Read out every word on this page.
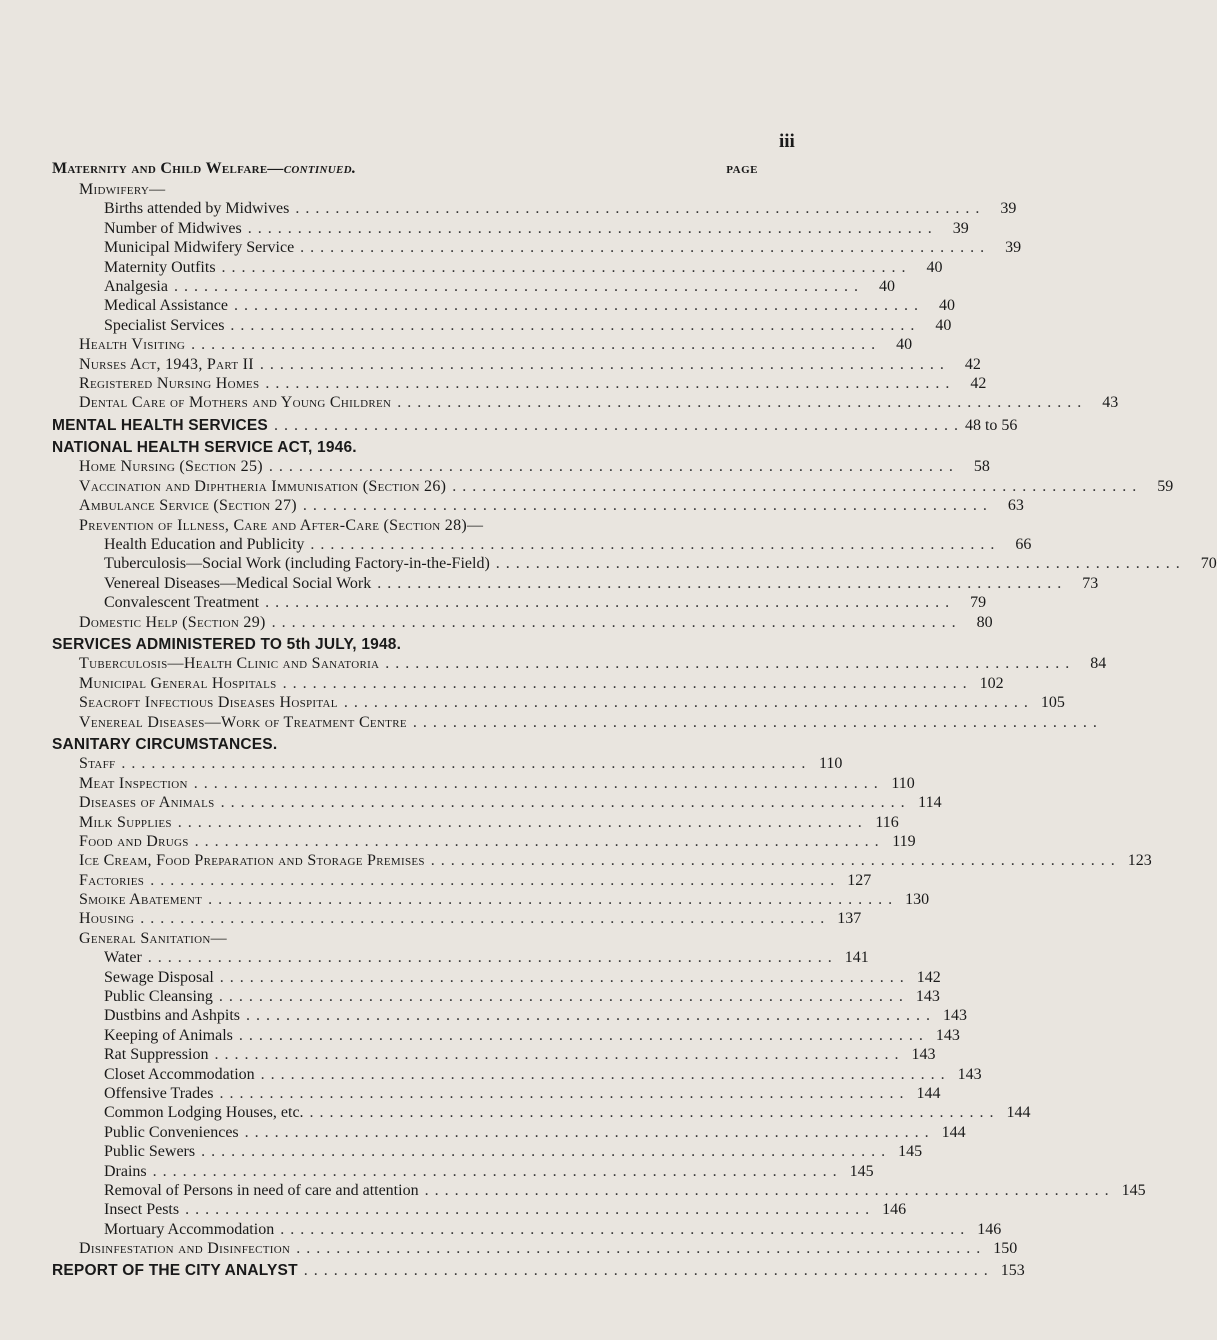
iii
Maternity and Child Welfare—continued.	page
Midwifery—
Births attended by Midwives . . . . . . . . . . . . . . . . . . . . . . . . . . . . . . . . . . . . . . . . . . . . . . . . . . . . . . . . . . . . . . . . . . . . .	39
Number of Midwives . . . . . . . . . . . . . . . . . . . . . . . . . . . . . . . . . . . . . . . . . . . . . . . . . . . . . . . . . . . . . . . . . . . . .	39
Municipal Midwifery Service . . . . . . . . . . . . . . . . . . . . . . . . . . . . . . . . . . . . . . . . . . . . . . . . . . . . . . . . . . . . . . . . . . . . .	39
Maternity Outfits . . . . . . . . . . . . . . . . . . . . . . . . . . . . . . . . . . . . . . . . . . . . . . . . . . . . . . . . . . . . . . . . . . . . .	40
Analgesia . . . . . . . . . . . . . . . . . . . . . . . . . . . . . . . . . . . . . . . . . . . . . . . . . . . . . . . . . . . . . . . . . . . . .	40
Medical Assistance . . . . . . . . . . . . . . . . . . . . . . . . . . . . . . . . . . . . . . . . . . . . . . . . . . . . . . . . . . . . . . . . . . . . .	40
Specialist Services . . . . . . . . . . . . . . . . . . . . . . . . . . . . . . . . . . . . . . . . . . . . . . . . . . . . . . . . . . . . . . . . . . . . .	40
Health Visiting . . . . . . . . . . . . . . . . . . . . . . . . . . . . . . . . . . . . . . . . . . . . . . . . . . . . . . . . . . . . . . . . . . . . .	40
Nurses Act, 1943, Part II . . . . . . . . . . . . . . . . . . . . . . . . . . . . . . . . . . . . . . . . . . . . . . . . . . . . . . . . . . . . . . . . . . . . .	42
Registered Nursing Homes . . . . . . . . . . . . . . . . . . . . . . . . . . . . . . . . . . . . . . . . . . . . . . . . . . . . . . . . . . . . . . . . . . . . .	42
Dental Care of Mothers and Young Children . . . . . . . . . . . . . . . . . . . . . . . . . . . . . . . . . . . . . . . . . . . . . . . . . . . . . . . . . . . . . . . . . . . . .	43
MENTAL HEALTH SERVICES . . . . . . . . . . . . . . . . . . . . . . . . . . . . . . . . . . . . . . . . . . . . . . . . . . . . . . . . . . . . . . . . . . . . . 48 to 56
NATIONAL HEALTH SERVICE ACT, 1946.
Home Nursing (Section 25) . . . . . . . . . . . . . . . . . . . . . . . . . . . . . . . . . . . . . . . . . . . . . . . . . . . . . . . . . . . . . . . . . . . . .	58
Vaccination and Diphtheria Immunisation (Section 26) . . . . . . . . . . . . . . . . . . . . . . . . . . . . . . . . . . . . . . . . . . . . . . . . . . . . . . . . . . . . . . . . . . . . .	59
Ambulance Service (Section 27) . . . . . . . . . . . . . . . . . . . . . . . . . . . . . . . . . . . . . . . . . . . . . . . . . . . . . . . . . . . . . . . . . . . . .	63
Prevention of Illness, Care and After-Care (Section 28)—
Health Education and Publicity . . . . . . . . . . . . . . . . . . . . . . . . . . . . . . . . . . . . . . . . . . . . . . . . . . . . . . . . . . . . . . . . . . . . .	66
Tuberculosis—Social Work (including Factory-in-the-Field) . . . . . . . . . . . . . . . . . . . . . . . . . . . . . . . . . . . . . . . . . . . . . . . . . . . . . . . . . . . . . . . . . . . . .	70
Venereal Diseases—Medical Social Work . . . . . . . . . . . . . . . . . . . . . . . . . . . . . . . . . . . . . . . . . . . . . . . . . . . . . . . . . . . . . . . . . . . . .	73
Convalescent Treatment . . . . . . . . . . . . . . . . . . . . . . . . . . . . . . . . . . . . . . . . . . . . . . . . . . . . . . . . . . . . . . . . . . . . .	79
Domestic Help (Section 29) . . . . . . . . . . . . . . . . . . . . . . . . . . . . . . . . . . . . . . . . . . . . . . . . . . . . . . . . . . . . . . . . . . . . .	80
SERVICES ADMINISTERED TO 5th JULY, 1948.
Tuberculosis—Health Clinic and Sanatoria . . . . . . . . . . . . . . . . . . . . . . . . . . . . . . . . . . . . . . . . . . . . . . . . . . . . . . . . . . . . . . . . . . . . .	84
Municipal General Hospitals . . . . . . . . . . . . . . . . . . . . . . . . . . . . . . . . . . . . . . . . . . . . . . . . . . . . . . . . . . . . . . . . . . . . . 102
Seacroft Infectious Diseases Hospital . . . . . . . . . . . . . . . . . . . . . . . . . . . . . . . . . . . . . . . . . . . . . . . . . . . . . . . . . . . . . . . . . . . . . 105
Venereal Diseases—Work of Treatment Centre . . . . . . . . . . . . . . . . . . . . . . . . . . . . . . . . . . . . . . . . . . . . . . . . . . . . . . . . . . . . . . . . . . . . .
SANITARY CIRCUMSTANCES.
Staff . . . . . . . . . . . . . . . . . . . . . . . . . . . . . . . . . . . . . . . . . . . . . . . . . . . . . . . . . . . . . . . . . . . . . 110
Meat Inspection . . . . . . . . . . . . . . . . . . . . . . . . . . . . . . . . . . . . . . . . . . . . . . . . . . . . . . . . . . . . . . . . . . . . . 110
Diseases of Animals . . . . . . . . . . . . . . . . . . . . . . . . . . . . . . . . . . . . . . . . . . . . . . . . . . . . . . . . . . . . . . . . . . . . . 114
Milk Supplies . . . . . . . . . . . . . . . . . . . . . . . . . . . . . . . . . . . . . . . . . . . . . . . . . . . . . . . . . . . . . . . . . . . . . 116
Food and Drugs . . . . . . . . . . . . . . . . . . . . . . . . . . . . . . . . . . . . . . . . . . . . . . . . . . . . . . . . . . . . . . . . . . . . . 119
Ice Cream, Food Preparation and Storage Premises . . . . . . . . . . . . . . . . . . . . . . . . . . . . . . . . . . . . . . . . . . . . . . . . . . . . . . . . . . . . . . . . . . . . . 123
Factories . . . . . . . . . . . . . . . . . . . . . . . . . . . . . . . . . . . . . . . . . . . . . . . . . . . . . . . . . . . . . . . . . . . . . 127
Smoike Abatement . . . . . . . . . . . . . . . . . . . . . . . . . . . . . . . . . . . . . . . . . . . . . . . . . . . . . . . . . . . . . . . . . . . . . 130
Housing . . . . . . . . . . . . . . . . . . . . . . . . . . . . . . . . . . . . . . . . . . . . . . . . . . . . . . . . . . . . . . . . . . . . . 137
General Sanitation—
Water . . . . . . . . . . . . . . . . . . . . . . . . . . . . . . . . . . . . . . . . . . . . . . . . . . . . . . . . . . . . . . . . . . . . . 141
Sewage Disposal . . . . . . . . . . . . . . . . . . . . . . . . . . . . . . . . . . . . . . . . . . . . . . . . . . . . . . . . . . . . . . . . . . . . . 142
Public Cleansing . . . . . . . . . . . . . . . . . . . . . . . . . . . . . . . . . . . . . . . . . . . . . . . . . . . . . . . . . . . . . . . . . . . . . 143
Dustbins and Ashpits . . . . . . . . . . . . . . . . . . . . . . . . . . . . . . . . . . . . . . . . . . . . . . . . . . . . . . . . . . . . . . . . . . . . . 143
Keeping of Animals . . . . . . . . . . . . . . . . . . . . . . . . . . . . . . . . . . . . . . . . . . . . . . . . . . . . . . . . . . . . . . . . . . . . . 143
Rat Suppression . . . . . . . . . . . . . . . . . . . . . . . . . . . . . . . . . . . . . . . . . . . . . . . . . . . . . . . . . . . . . . . . . . . . . 143
Closet Accommodation . . . . . . . . . . . . . . . . . . . . . . . . . . . . . . . . . . . . . . . . . . . . . . . . . . . . . . . . . . . . . . . . . . . . . 143
Offensive Trades . . . . . . . . . . . . . . . . . . . . . . . . . . . . . . . . . . . . . . . . . . . . . . . . . . . . . . . . . . . . . . . . . . . . . 144
Common Lodging Houses, etc. . . . . . . . . . . . . . . . . . . . . . . . . . . . . . . . . . . . . . . . . . . . . . . . . . . . . . . . . . . . . . . . . . . . . . 144
Public Conveniences . . . . . . . . . . . . . . . . . . . . . . . . . . . . . . . . . . . . . . . . . . . . . . . . . . . . . . . . . . . . . . . . . . . . . 144
Public Sewers . . . . . . . . . . . . . . . . . . . . . . . . . . . . . . . . . . . . . . . . . . . . . . . . . . . . . . . . . . . . . . . . . . . . . 145
Drains . . . . . . . . . . . . . . . . . . . . . . . . . . . . . . . . . . . . . . . . . . . . . . . . . . . . . . . . . . . . . . . . . . . . . 145
Removal of Persons in need of care and attention . . . . . . . . . . . . . . . . . . . . . . . . . . . . . . . . . . . . . . . . . . . . . . . . . . . . . . . . . . . . . . . . . . . . . 145
Insect Pests . . . . . . . . . . . . . . . . . . . . . . . . . . . . . . . . . . . . . . . . . . . . . . . . . . . . . . . . . . . . . . . . . . . . . 146
Mortuary Accommodation . . . . . . . . . . . . . . . . . . . . . . . . . . . . . . . . . . . . . . . . . . . . . . . . . . . . . . . . . . . . . . . . . . . . . 146
Disinfestation and Disinfection . . . . . . . . . . . . . . . . . . . . . . . . . . . . . . . . . . . . . . . . . . . . . . . . . . . . . . . . . . . . . . . . . . . . . 150
REPORT OF THE CITY ANALYST . . . . . . . . . . . . . . . . . . . . . . . . . . . . . . . . . . . . . . . . . . . . . . . . . . . . . . . . . . . . . . . . . . . . . 153
